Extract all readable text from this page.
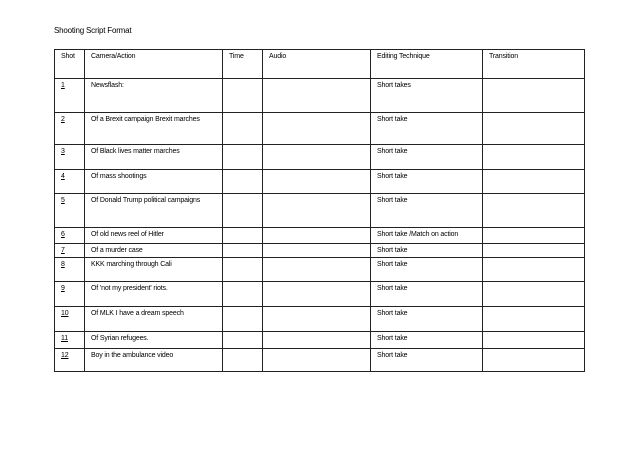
Shooting Script Format
Shot	Camera/Action	Time	Audio	Editing Technique	Transition
1	Newsflash:			Short takes	
2	Of a Brexit campaign Brexit marches			Short take	
3	Of Black lives matter marches			Short take	
4	Of mass shootings			Short take	
5	Of Donald Trump political campaigns			Short take	
6	Of old news reel of Hitler			Short take /Match on action	
7	Of a murder case			Short take	
8	KKK marching through Cali			Short take	
9	Of 'not my president' riots.			Short take	
10	Of MLK I have a dream speech			Short take	
11	Of Syrian refugees.			Short take	
12	Boy in the ambulance video			Short take	
